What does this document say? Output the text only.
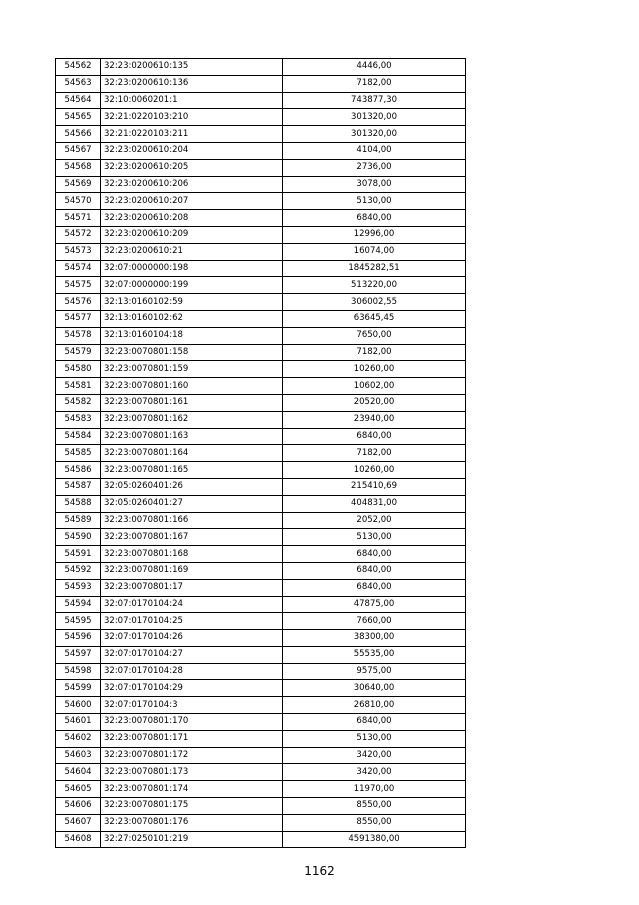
54562	32:23:0200610:135	4446,00
54563	32:23:0200610:136	7182,00
54564	32:10:0060201:1	743877,30
54565	32:21:0220103:210	301320,00
54566	32:21:0220103:211	301320,00
54567	32:23:0200610:204	4104,00
54568	32:23:0200610:205	2736,00
54569	32:23:0200610:206	3078,00
54570	32:23:0200610:207	5130,00
54571	32:23:0200610:208	6840,00
54572	32:23:0200610:209	12996,00
54573	32:23:0200610:21	16074,00
54574	32:07:0000000:198	1845282,51
54575	32:07:0000000:199	513220,00
54576	32:13:0160102:59	306002,55
54577	32:13:0160102:62	63645,45
54578	32:13:0160104:18	7650,00
54579	32:23:0070801:158	7182,00
54580	32:23:0070801:159	10260,00
54581	32:23:0070801:160	10602,00
54582	32:23:0070801:161	20520,00
54583	32:23:0070801:162	23940,00
54584	32:23:0070801:163	6840,00
54585	32:23:0070801:164	7182,00
54586	32:23:0070801:165	10260,00
54587	32:05:0260401:26	215410,69
54588	32:05:0260401:27	404831,00
54589	32:23:0070801:166	2052,00
54590	32:23:0070801:167	5130,00
54591	32:23:0070801:168	6840,00
54592	32:23:0070801:169	6840,00
54593	32:23:0070801:17	6840,00
54594	32:07:0170104:24	47875,00
54595	32:07:0170104:25	7660,00
54596	32:07:0170104:26	38300,00
54597	32:07:0170104:27	55535,00
54598	32:07:0170104:28	9575,00
54599	32:07:0170104:29	30640,00
54600	32:07:0170104:3	26810,00
54601	32:23:0070801:170	6840,00
54602	32:23:0070801:171	5130,00
54603	32:23:0070801:172	3420,00
54604	32:23:0070801:173	3420,00
54605	32:23:0070801:174	11970,00
54606	32:23:0070801:175	8550,00
54607	32:23:0070801:176	8550,00
54608	32:27:0250101:219	4591380,00
1162
